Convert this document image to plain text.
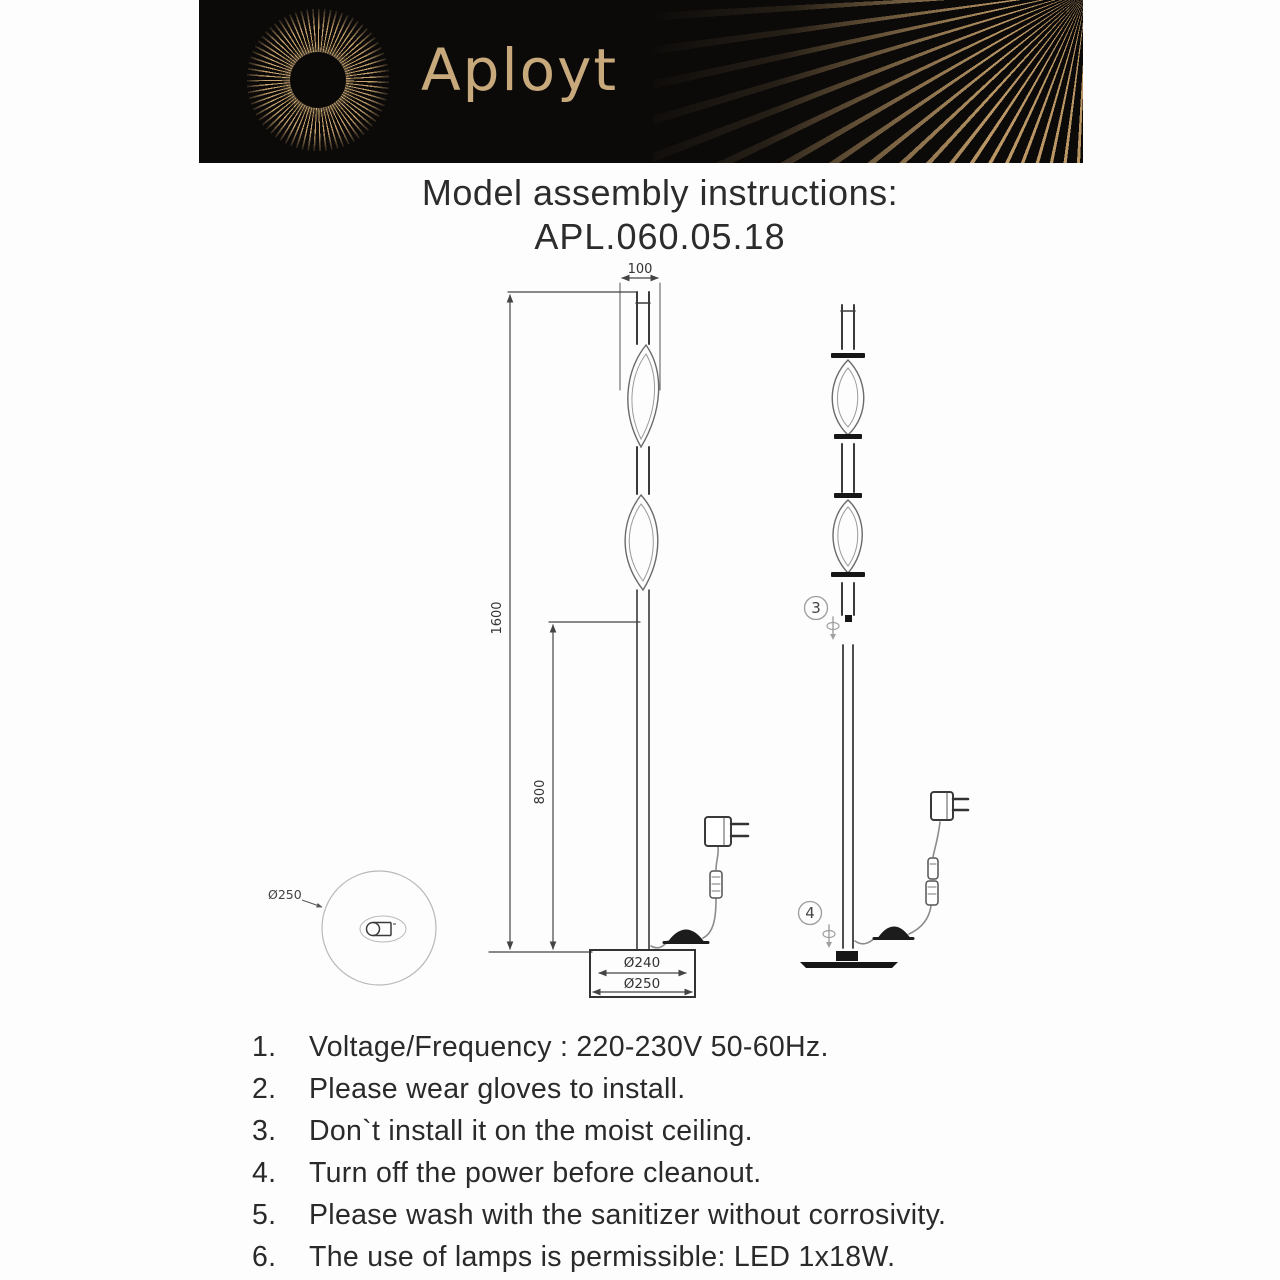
Aployt
Model assembly instructions:
APL.060.05.18
100
1600
800
Ø240
Ø250
Ø250
3
4
1.	Voltage/Frequency : 220-230V 50-60Hz.
2.	Please wear gloves to install.
3.	Don`t install it on the moist ceiling.
4.	Turn off the power before cleanout.
5.	Please wash with the sanitizer without corrosivity.
6.	The use of lamps is permissible: LED 1x18W.
